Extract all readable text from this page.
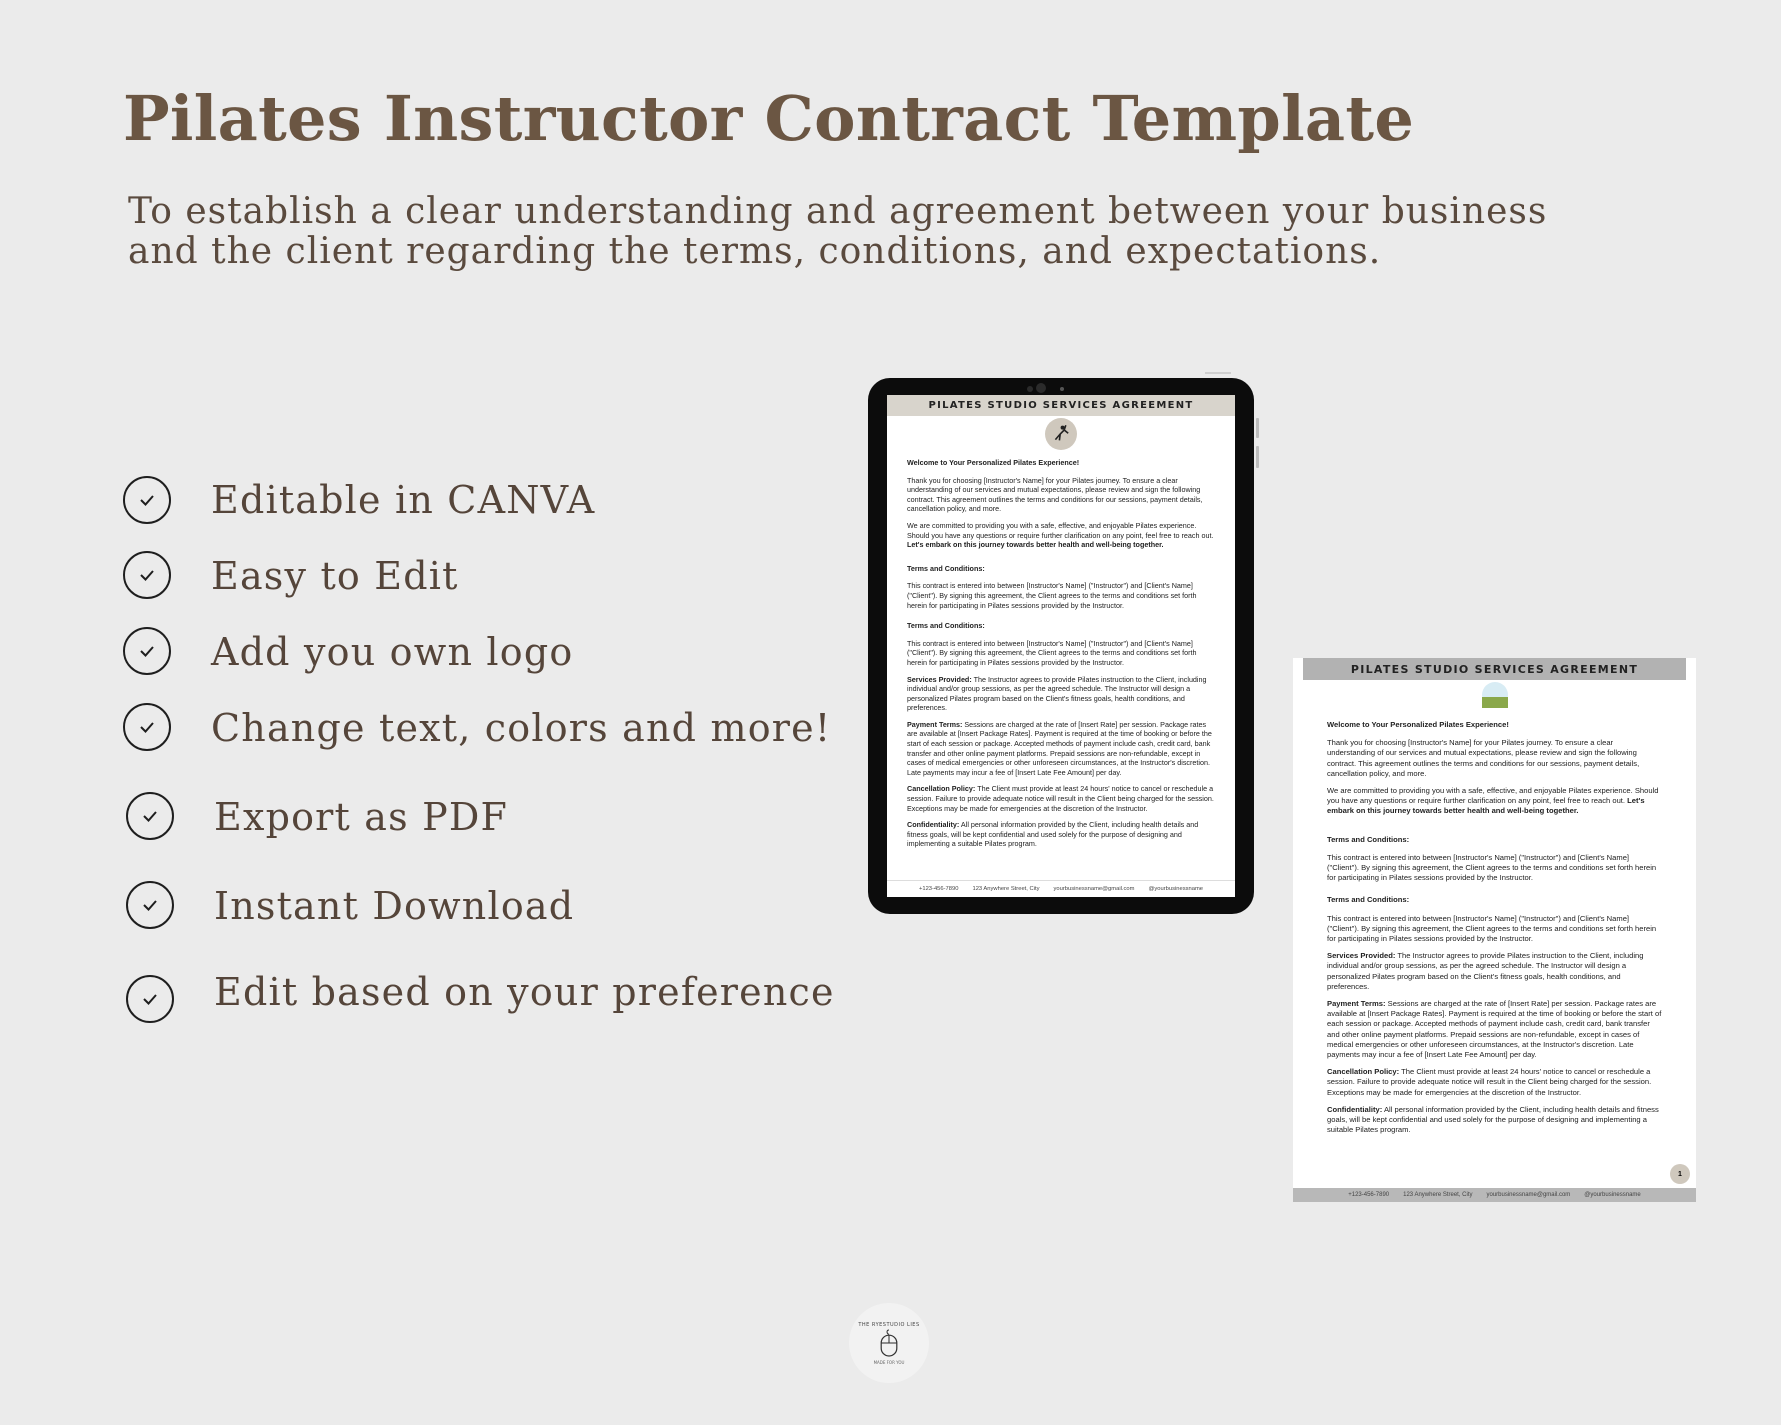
Pilates Instructor Contract Template
To establish a clear understanding and agreement between your business
and the client regarding the terms, conditions, and expectations.
Editable in CANVA
Easy to Edit
Add you own logo
Change text, colors and more!
Export as PDF
Instant Download
Edit based on your preference
PILATES STUDIO SERVICES AGREEMENT

Welcome to Your Personalized Pilates Experience!

Thank you for choosing [Instructor's Name] for your Pilates journey. To ensure a clear understanding of our services and mutual expectations, please review and sign the following contract. This agreement outlines the terms and conditions for our sessions, payment details, cancellation policy, and more.

We are committed to providing you with a safe, effective, and enjoyable Pilates experience. Should you have any questions or require further clarification on any point, feel free to reach out. Let's embark on this journey towards better health and well-being together.

Terms and Conditions:

This contract is entered into between [Instructor's Name] ("Instructor") and [Client's Name] ("Client"). By signing this agreement, the Client agrees to the terms and conditions set forth herein for participating in Pilates sessions provided by the Instructor.

Terms and Conditions:

This contract is entered into between [Instructor's Name] ("Instructor") and [Client's Name] ("Client"). By signing this agreement, the Client agrees to the terms and conditions set forth herein for participating in Pilates sessions provided by the Instructor.

Services Provided: The Instructor agrees to provide Pilates instruction to the Client, including individual and/or group sessions, as per the agreed schedule. The Instructor will design a personalized Pilates program based on the Client's fitness goals, health conditions, and preferences.

Payment Terms: Sessions are charged at the rate of [Insert Rate] per session. Package rates are available at [Insert Package Rates]. Payment is required at the time of booking or before the start of each session or package. Accepted methods of payment include cash, credit card, bank transfer and other online payment platforms. Prepaid sessions are non-refundable, except in cases of medical emergencies or other unforeseen circumstances, at the Instructor's discretion. Late payments may incur a fee of [Insert Late Fee Amount] per day.

Cancellation Policy: The Client must provide at least 24 hours' notice to cancel or reschedule a session. Failure to provide adequate notice will result in the Client being charged for the session. Exceptions may be made for emergencies at the discretion of the Instructor.

Confidentiality: All personal information provided by the Client, including health details and fitness goals, will be kept confidential and used solely for the purpose of designing and implementing a suitable Pilates program.

+123-456-7890 123 Anywhere Street, City yourbusinessname@gmail.com @yourbusinessname
PILATES STUDIO SERVICES AGREEMENT

Welcome to Your Personalized Pilates Experience!

Thank you for choosing [Instructor's Name] for your Pilates journey. To ensure a clear understanding of our services and mutual expectations, please review and sign the following contract. This agreement outlines the terms and conditions for our sessions, payment details, cancellation policy, and more.

We are committed to providing you with a safe, effective, and enjoyable Pilates experience. Should you have any questions or require further clarification on any point, feel free to reach out. Let's embark on this journey towards better health and well-being together.

Terms and Conditions:

This contract is entered into between [Instructor's Name] ("Instructor") and [Client's Name] ("Client"). By signing this agreement, the Client agrees to the terms and conditions set forth herein for participating in Pilates sessions provided by the Instructor.

Terms and Conditions:

This contract is entered into between [Instructor's Name] ("Instructor") and [Client's Name] ("Client"). By signing this agreement, the Client agrees to the terms and conditions set forth herein for participating in Pilates sessions provided by the Instructor.

Services Provided: The Instructor agrees to provide Pilates instruction to the Client, including individual and/or group sessions, as per the agreed schedule. The Instructor will design a personalized Pilates program based on the Client's fitness goals, health conditions, and preferences.

Payment Terms: Sessions are charged at the rate of [Insert Rate] per session. Package rates are available at [Insert Package Rates]. Payment is required at the time of booking or before the start of each session or package. Accepted methods of payment include cash, credit card, bank transfer and other online payment platforms. Prepaid sessions are non-refundable, except in cases of medical emergencies or other unforeseen circumstances, at the Instructor's discretion. Late payments may incur a fee of [Insert Late Fee Amount] per day.

Cancellation Policy: The Client must provide at least 24 hours' notice to cancel or reschedule a session. Failure to provide adequate notice will result in the Client being charged for the session. Exceptions may be made for emergencies at the discretion of the Instructor.

Confidentiality: All personal information provided by the Client, including health details and fitness goals, will be kept confidential and used solely for the purpose of designing and implementing a suitable Pilates program.

1
+123-456-7890 123 Anywhere Street, City yourbusinessname@gmail.com @yourbusinessname
THE RYESTUDIO LIES
MADE FOR YOU
